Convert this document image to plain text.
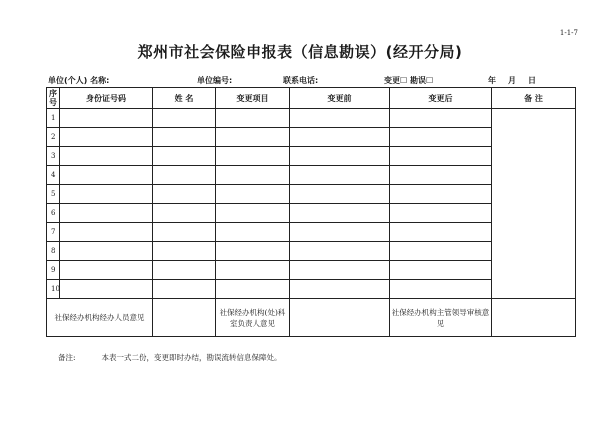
1-1-7
郑州市社会保险申报表（信息勘误）(经开分局)
单位(个人) 名称:	单位编号:	联系电话:	变更☐ 勘误☐	年 月 日
序号	身份证号码	姓 名	变更项目	变更前	变更后	备 注
1						
2						
3						
4						
5						
6						
7						
8						
9						
10						
社保经办机构经办人员意见			社保经办机构(处)科室负责人意见		社保经办机构主管领导审核意见	
备注:	本表一式二份，变更即时办结，勘误流转信息保障处。
